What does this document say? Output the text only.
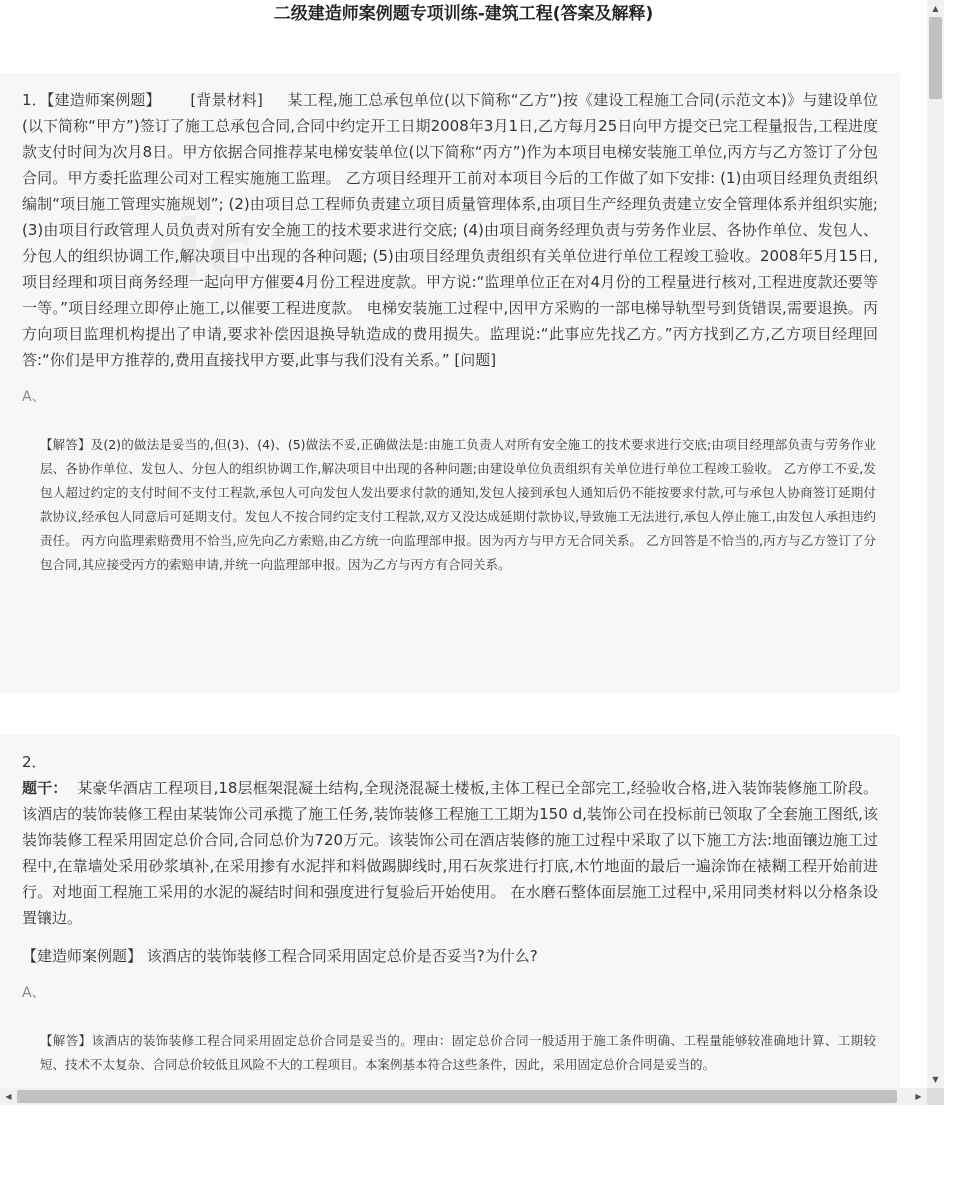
二级建造师案例题专项训练-建筑工程(答案及解释)
ic

1．【建造师案例题】 [背景材料] 某工程,施工总承包单位(以下简称“乙方”)按《建设工程施工合同(示范文本)》与建设单位(以下简称“甲方”)签订了施工总承包合同,合同中约定开工日期2008年3月1日,乙方每月25日向甲方提交已完工程量报告,工程进度款支付时间为次月8日。甲方依据合同推荐某电梯安装单位(以下简称“丙方”)作为本项目电梯安装施工单位,丙方与乙方签订了分包合同。甲方委托监理公司对工程实施施工监理。 乙方项目经理开工前对本项目今后的工作做了如下安排: (1)由项目经理负责组织编制“项目施工管理实施规划”; (2)由项目总工程师负责建立项目质量管理体系,由项目生产经理负责建立安全管理体系并组织实施; (3)由项目行政管理人员负责对所有安全施工的技术要求进行交底; (4)由项目商务经理负责与劳务作业层、各协作单位、发包人、分包人的组织协调工作,解决项目中出现的各种问题; (5)由项目经理负责组织有关单位进行单位工程竣工验收。2008年5月15日,项目经理和项目商务经理一起向甲方催要4月份工程进度款。甲方说:“监理单位正在对4月份的工程量进行核对,工程进度款还要等一等。”项目经理立即停止施工,以催要工程进度款。 电梯安装施工过程中,因甲方采购的一部电梯导轨型号到货错误,需要退换。丙方向项目监理机构提出了申请,要求补偿因退换导轨造成的费用损失。监理说:“此事应先找乙方。”丙方找到乙方,乙方项目经理回答:“你们是甲方推荐的,费用直接找甲方要,此事与我们没有关系。” [问题]

A、

【解答】及(2)的做法是妥当的,但(3)、(4)、(5)做法不妥,正确做法是:由施工负责人对所有安全施工的技术要求进行交底;由项目经理部负责与劳务作业层、各协作单位、发包人、分包人的组织协调工作,解决项目中出现的各种问题;由建设单位负责组织有关单位进行单位工程竣工验收。 乙方停工不妥,发包人超过约定的支付时间不支付工程款,承包人可向发包人发出要求付款的通知,发包人接到承包人通知后仍不能按要求付款,可与承包人协商签订延期付款协议,经承包人同意后可延期支付。发包人不按合同约定支付工程款,双方又没达成延期付款协议,导致施工无法进行,承包人停止施工,由发包人承担违约责任。 丙方向监理索赔费用不恰当,应先向乙方索赔,由乙方统一向监理部申报。因为丙方与甲方无合同关系。 乙方回答是不恰当的,丙方与乙方签订了分包合同,其应接受丙方的索赔申请,并统一向监理部申报。因为乙方与丙方有合同关系。

2．

题干： 某豪华酒店工程项目,18层框架混凝土结构,全现浇混凝土楼板,主体工程已全部完工,经验收合格,进入装饰装修施工阶段。该酒店的装饰装修工程由某装饰公司承揽了施工任务,装饰装修工程施工工期为150 d,装饰公司在投标前已领取了全套施工图纸,该装饰装修工程采用固定总价合同,合同总价为720万元。该装饰公司在酒店装修的施工过程中采取了以下施工方法:地面镶边施工过程中,在靠墙处采用砂浆填补,在采用掺有水泥拌和料做踢脚线时,用石灰浆进行打底,木竹地面的最后一遍涂饰在裱糊工程开始前进行。对地面工程施工采用的水泥的凝结时间和强度进行复验后开始使用。 在水磨石整体面层施工过程中,采用同类材料以分格条设置镶边。

【建造师案例题】 该酒店的装饰装修工程合同采用固定总价是否妥当?为什么?
A、

【解答】该酒店的装饰装修工程合同采用固定总价合同是妥当的。理由：固定总价合同一般适用于施工条件明确、工程量能够较准确地计算、工期较短、技术不太复杂、合同总价较低且风险不大的工程项目。本案例基本符合这些条件，因此，采用固定总价合同是妥当的。

▲
▼
◀	▶
